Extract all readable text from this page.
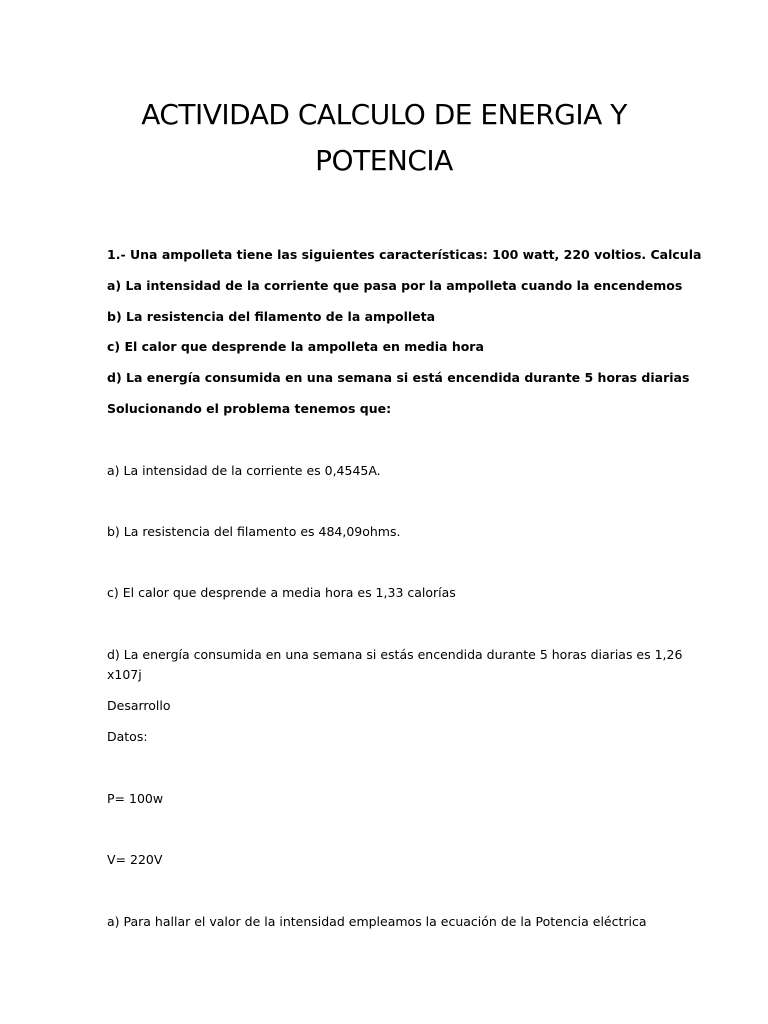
ACTIVIDAD CALCULO DE ENERGIA Y
POTENCIA

1.- Una ampolleta tiene las siguientes características: 100 watt, 220 voltios. Calcula

a) La intensidad de la corriente que pasa por la ampolleta cuando la encendemos

b) La resistencia del filamento de la ampolleta

c) El calor que desprende la ampolleta en media hora

d) La energía consumida en una semana si está encendida durante 5 horas diarias

Solucionando el problema tenemos que:

a) La intensidad de la corriente es 0,4545A.

b) La resistencia del filamento es 484,09ohms.

c) El calor que desprende a media hora es 1,33 calorías

d) La energía consumida en una semana si estás encendida durante 5 horas diarias es 1,26

x107j

Desarrollo

Datos:

P= 100w

V= 220V

a) Para hallar el valor de la intensidad empleamos la ecuación de la Potencia eléctrica
